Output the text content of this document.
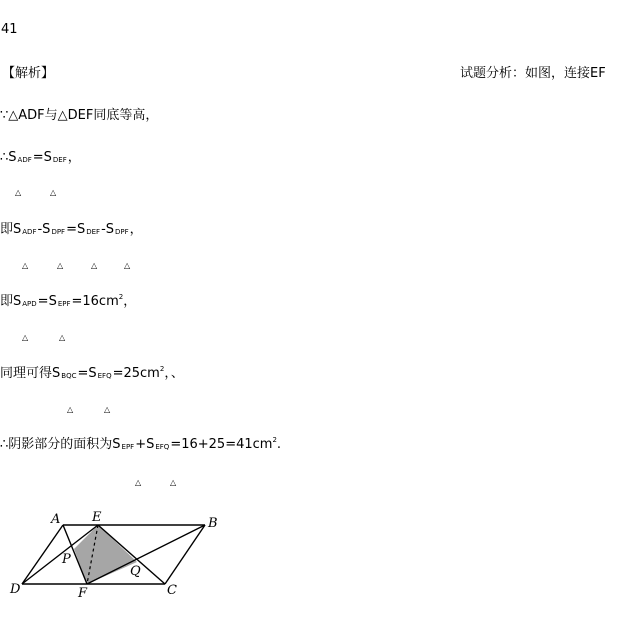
41
【解析】	试题分析：如图，连接EF
∵△ADF与△DEF同底等高，
∴SADF=SDEF，
△	△
即SADF-SDPF=SDEF-SDPF，
△	△	△	△
即$SAPD=SEPF=16cm^2$，
△	△
同理可得$SBQC=SEFQ=25cm^2$，、
△	△
∴阴影部分的面积为$SEPF+SEFQ=16+25=41cm^2$.
△	△
A E	B
P
Q
D	F	C
